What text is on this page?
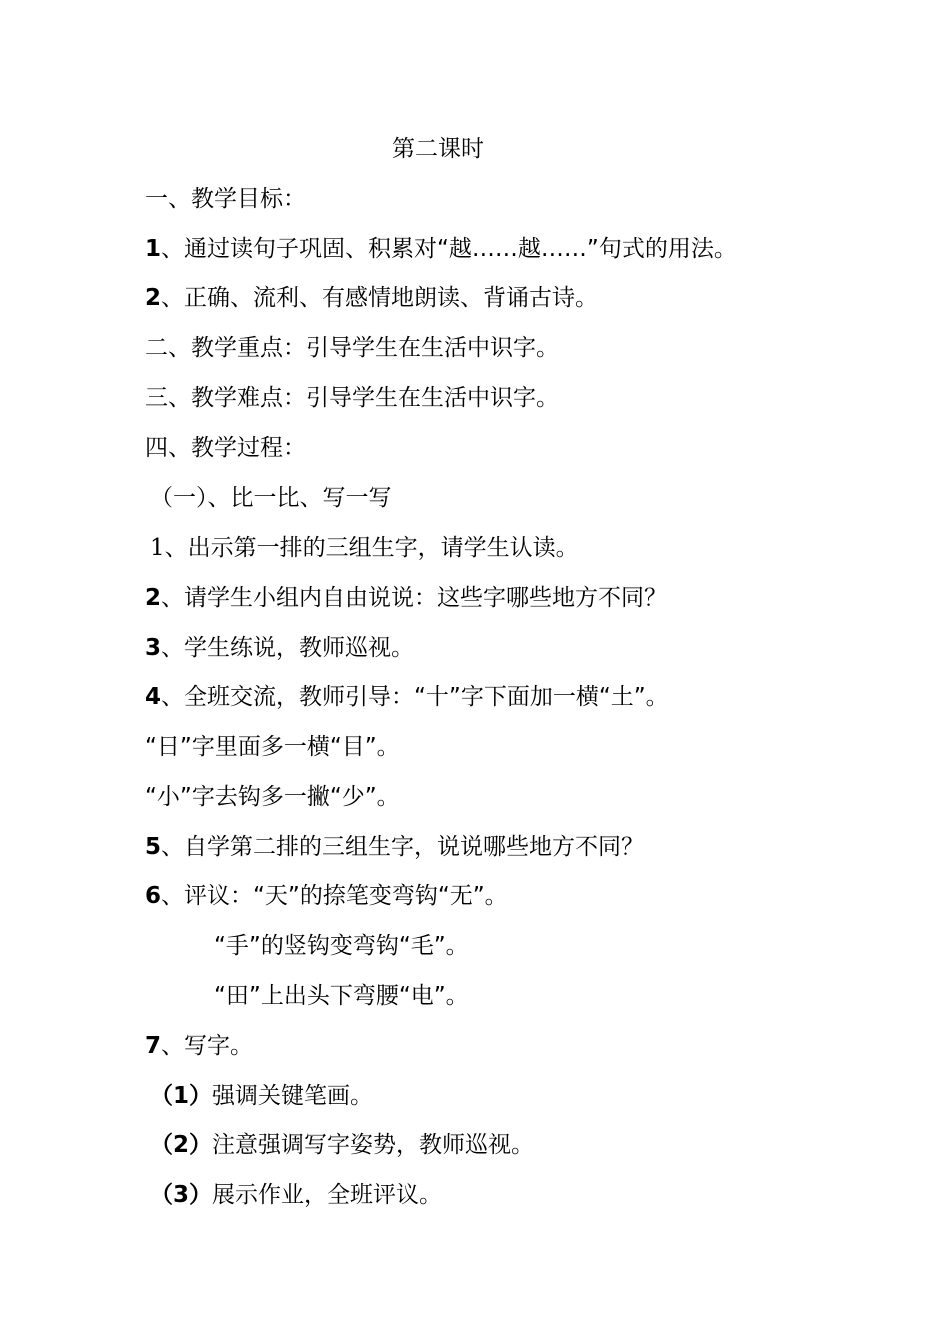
第二课时
一、教学目标：
1、通过读句子巩固、积累对“越……越……”句式的用法。
2、正确、流利、有感情地朗读、背诵古诗。
二、教学重点：引导学生在生活中识字。
三、教学难点：引导学生在生活中识字。
四、教学过程：
（一）、比一比、写一写
1、出示第一排的三组生字，请学生认读。
2、请学生小组内自由说说：这些字哪些地方不同？
3、学生练说，教师巡视。
4、全班交流，教师引导：“十”字下面加一横“土”。
“日”字里面多一横“目”。
“小”字去钩多一撇“少”。
5、自学第二排的三组生字，说说哪些地方不同？
6、评议：“天”的捺笔变弯钩“无”。
“手”的竖钩变弯钩“毛”。
“田”上出头下弯腰“电”。
7、写字。
（1）强调关键笔画。
（2）注意强调写字姿势，教师巡视。
（3）展示作业，全班评议。
